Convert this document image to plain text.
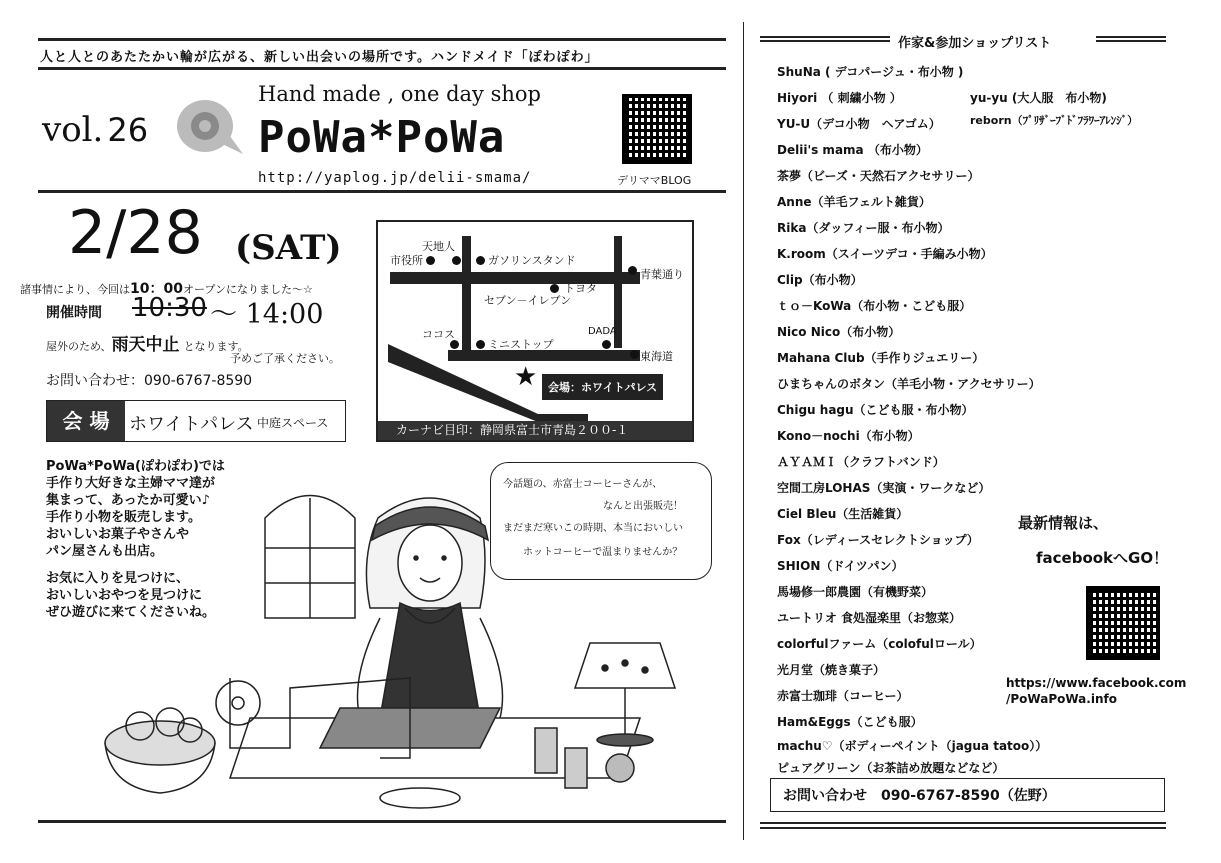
人と人とのあたたかい輪が広がる、新しい出会いの場所です。ハンドメイド「ぽわぽわ」
vol. 26
Hand made , one day shop
PoWa*PoWa
http://yaplog.jp/delii-smama/	デリママBLOG
2/28 (SAT)
諸事情により、今回は10：00オープンになりました～☆
開催時間 10:30 ～ 14:00
屋外のため、雨天中止 となります。
予めご了承ください。
お問い合わせ：090-6767-8590
会 場	ホワイトパレス 中庭スペース
天地人
市役所	ガソリンスタンド
トヨタ
青葉通り
セブン－イレブン
ココス
ミニストップ
DADA
東海道
★ 会場：ホワイトパレス
カーナビ目印：静岡県富士市青島２００-１
PoWa*PoWa(ぽわぽわ)では
手作り大好きな主婦ママ達が
集まって、あったか可愛い♪
手作り小物を販売します。
おいしいお菓子やさんや
パン屋さんも出店。
お気に入りを見つけに、
おいしいおやつを見つけに
ぜひ遊びに来てくださいね。
今話題の、赤富士コーヒーさんが、
なんと出張販売！
まだまだ寒いこの時期、本当においしい
ホットコーヒーで温まりませんか？
作家&参加ショップリスト
ShuNa ( デコパージュ・布小物 )
Hiyori （ 刺繍小物 ）
YU-U（デコ小物　ヘアゴム）
Delii's mama （布小物）
茶夢（ビーズ・天然石アクセサリー）
Anne（羊毛フェルト雑貨）
Rika（ダッフィー服・布小物）
K.room（スイーツデコ・手編み小物）
Clip（布小物）
ｔｏ－KoWa（布小物・こども服）
Nico Nico（布小物）
Mahana Club（手作りジュエリー）
ひまちゃんのボタン（羊毛小物・アクセサリー）
Chigu hagu（こども服・布小物）
Kono－nochi（布小物）
ＡＹＡＭＩ（クラフトバンド）
空間工房LOHAS（実演・ワークなど）
Ciel Bleu（生活雑貨）
Fox（レディースセレクトショップ）
SHION（ドイツパン）
馬場修一郎農園（有機野菜）
ユートリオ 食処湿楽里（お惣菜）
colorfulファーム（colofulロール）
光月堂（焼き菓子）
赤富士珈琲（コーヒー）
Ham&Eggs（こども服）
machu♡（ボディーペイント（jagua tatoo））
ピュアグリーン（お茶詰め放題などなど）
yu-yu (大人服　布小物)
reborn（ﾌﾟﾘｻﾞｰﾌﾞﾄﾞﾌﾗﾜｰｱﾚﾝｼﾞ）
最新情報は、
facebookへGO！
https://www.facebook.com
/PoWaPoWa.info
お問い合わせ　090-6767-8590（佐野）
